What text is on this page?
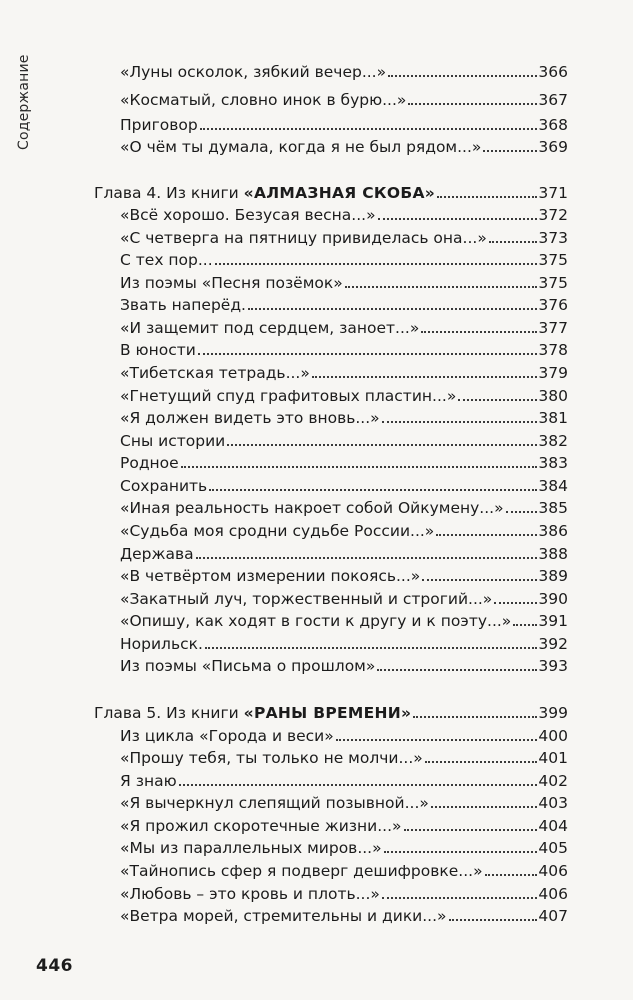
Содержание	«Луны осколок, зябкий вечер...»	366
«Косматый, словно инок в бурю...»	367
Приговор	368
«О чём ты думала, когда я не был рядом...»	369
Глава 4. Из книги «АЛМАЗНАЯ СКОБА»	371
«Всё хорошо. Безусая весна...»	372
«С четверга на пятницу привиделась она...»	373
С тех пор...	375
Из поэмы «Песня позёмок»	375
Звать наперёд.	376
«И защемит под сердцем, заноет...»	377
В юности	378
«Тибетская тетрадь...»	379
«Гнетущий спуд графитовых пластин...»	380
«Я должен видеть это вновь...»	381
Сны истории	382
Родное	383
Сохранить	384
«Иная реальность накроет собой Ойкумену...» 385
«Судьба моя сродни судьбе России...»	386
Держава	388
«В четвёртом измерении покоясь...»	389
«Закатный луч, торжественный и строгий...»	390
«Опишу, как ходят в гости к другу и к поэту...» 391
Норильск.	392
Из поэмы «Письма о прошлом»	393
Глава 5. Из книги «РАНЫ ВРЕМЕНИ»	399
Из цикла «Города и веси»	400
«Прошу тебя, ты только не молчи...»	401
Я знаю	402
«Я вычеркнул слепящий позывной...»	403
«Я прожил скоротечные жизни...»	404
«Мы из параллельных миров...»	405
«Тайнопись сфер я подверг дешифровке...»	406
«Любовь – это кровь и плоть...»	406
«Ветра морей, стремительны и дики...»	407
446
